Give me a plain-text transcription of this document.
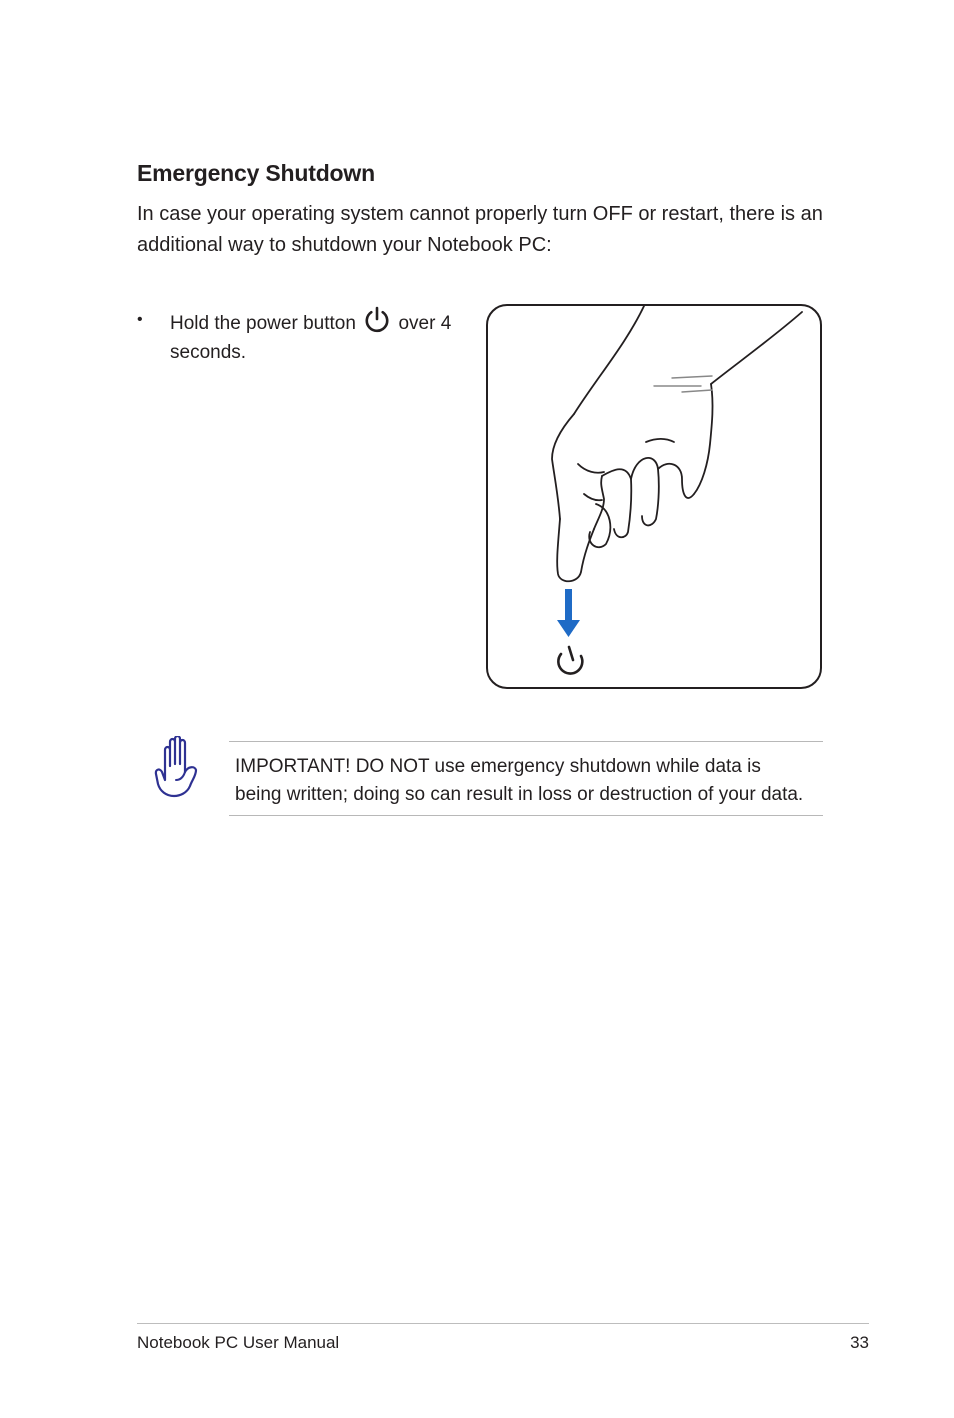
Emergency Shutdown

In case your operating system cannot properly turn OFF or restart, there is an additional way to shutdown your Notebook PC:

• Hold the power button  over 4 seconds.

IMPORTANT! DO NOT use emergency shutdown while data is being written; doing so can result in loss or destruction of your data.

Notebook PC User Manual	33
